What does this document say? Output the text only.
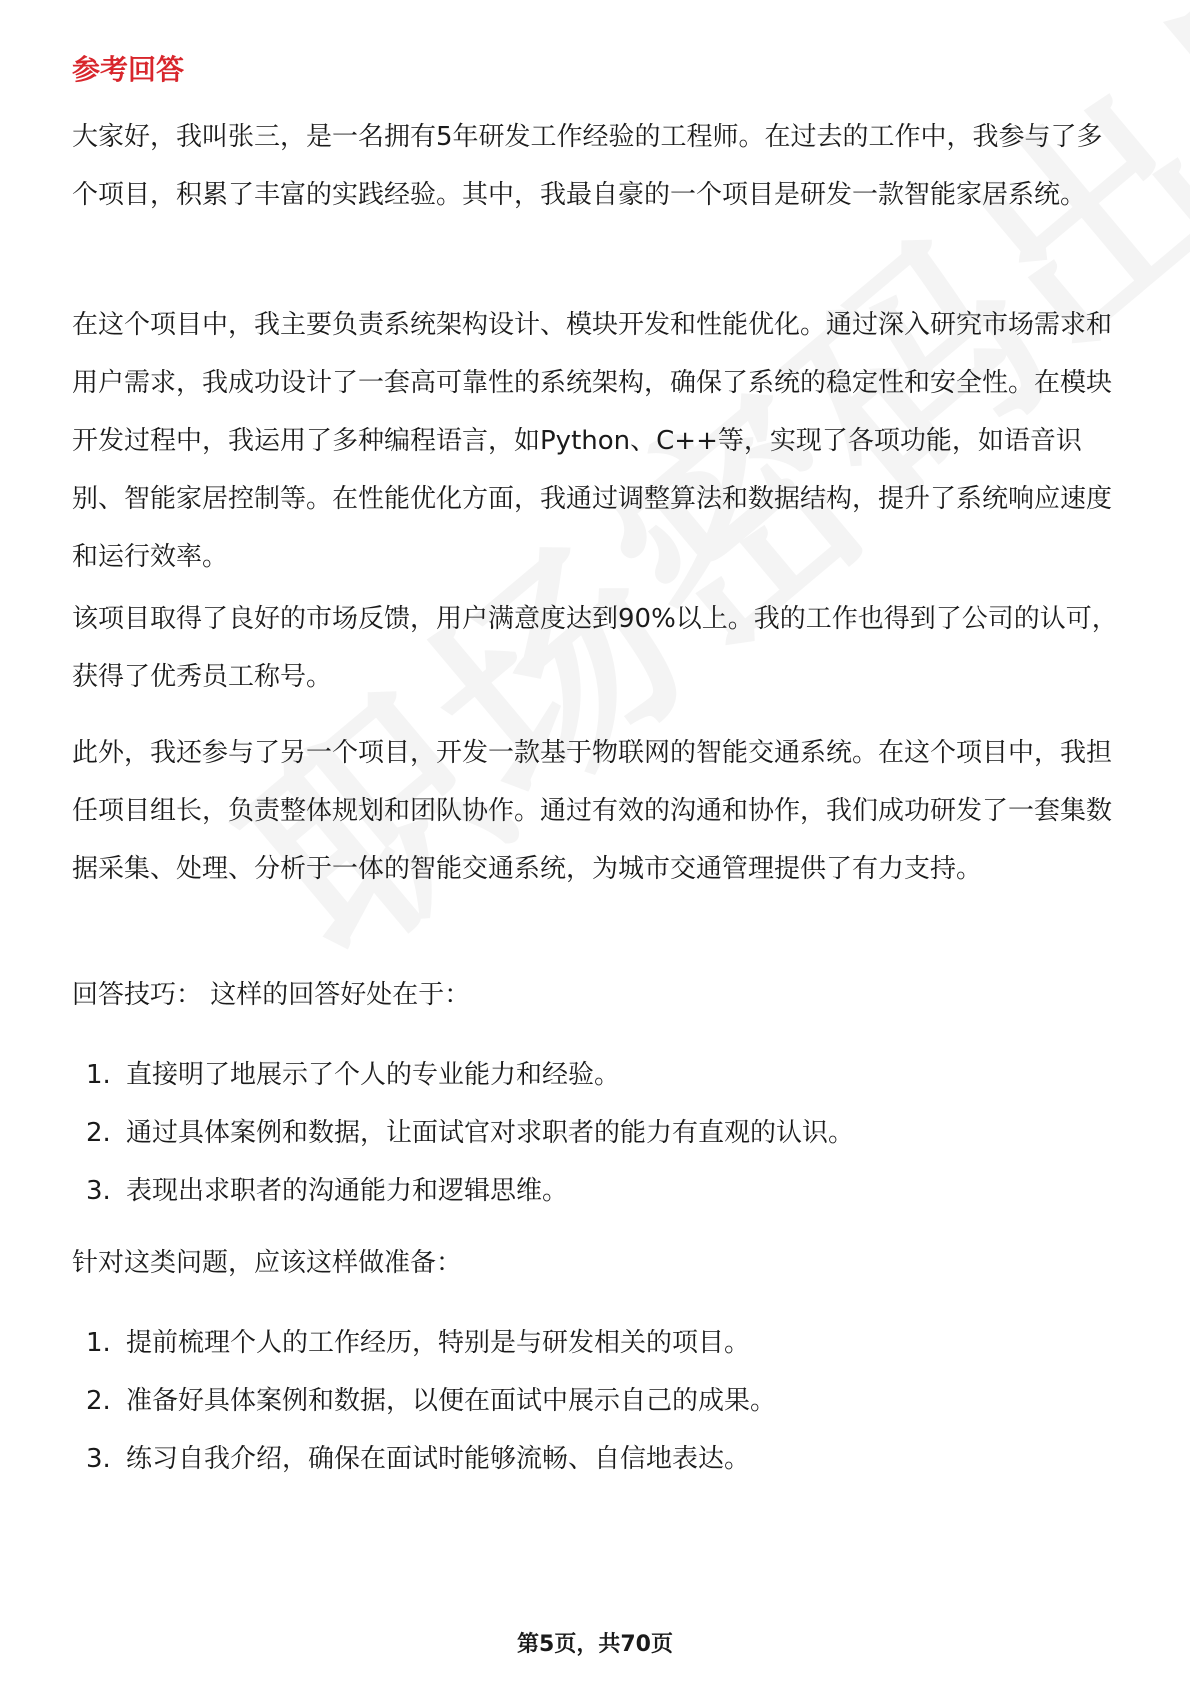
参考回答

大家好，我叫张三，是一名拥有5年研发工作经验的工程师。在过去的工作中，我参与了多个项目，积累了丰富的实践经验。其中，我最自豪的一个项目是研发一款智能家居系统。

在这个项目中，我主要负责系统架构设计、模块开发和性能优化。通过深入研究市场需求和用户需求，我成功设计了一套高可靠性的系统架构，确保了系统的稳定性和安全性。在模块开发过程中，我运用了多种编程语言，如Python、C++等，实现了各项功能，如语音识别、智能家居控制等。在性能优化方面，我通过调整算法和数据结构，提升了系统响应速度和运行效率。

该项目取得了良好的市场反馈，用户满意度达到90%以上。我的工作也得到了公司的认可，获得了优秀员工称号。

此外，我还参与了另一个项目，开发一款基于物联网的智能交通系统。在这个项目中，我担任项目组长，负责整体规划和团队协作。通过有效的沟通和协作，我们成功研发了一套集数据采集、处理、分析于一体的智能交通系统，为城市交通管理提供了有力支持。

回答技巧： 这样的回答好处在于：

1. 直接明了地展示了个人的专业能力和经验。
2. 通过具体案例和数据，让面试官对求职者的能力有直观的认识。
3. 表现出求职者的沟通能力和逻辑思维。

针对这类问题，应该这样做准备：

1. 提前梳理个人的工作经历，特别是与研发相关的项目。
2. 准备好具体案例和数据，以便在面试中展示自己的成果。
3. 练习自我介绍，确保在面试时能够流畅、自信地表达。
第5页，共70页
